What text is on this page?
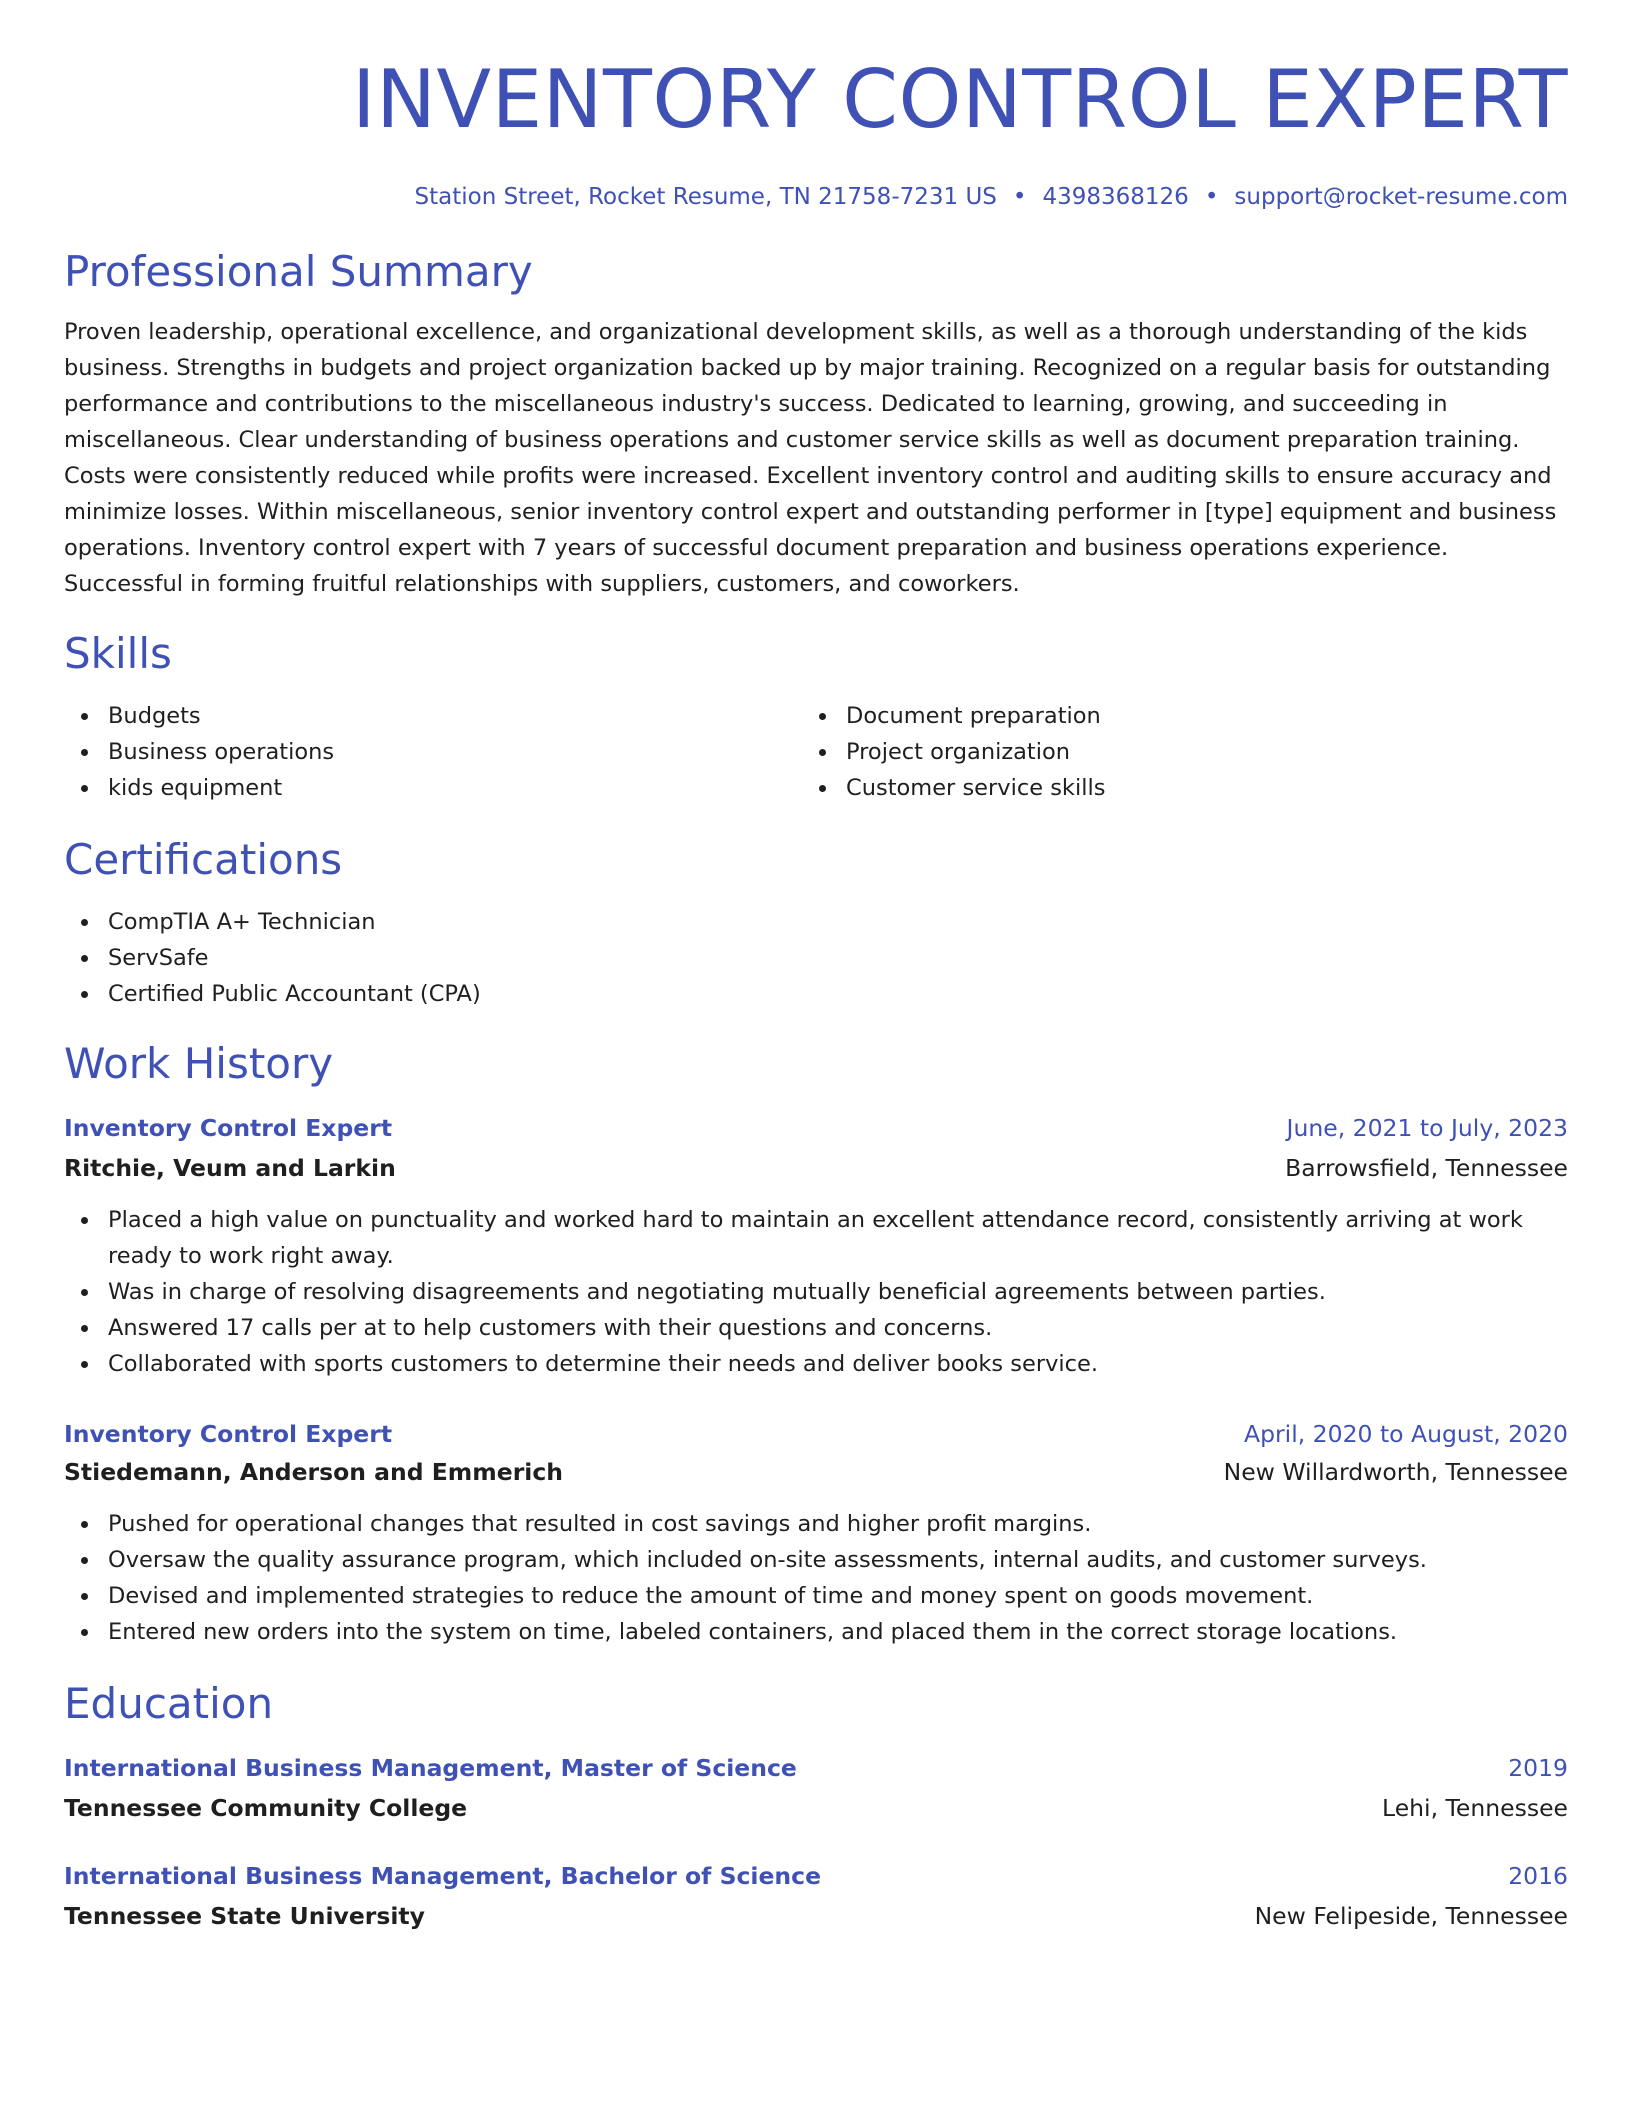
INVENTORY CONTROL EXPERT
Station Street, Rocket Resume, TN 21758-7231 US • 4398368126 • support@rocket-resume.com
Professional Summary

Proven leadership, operational excellence, and organizational development skills, as well as a thorough understanding of the kids business. Strengths in budgets and project organization backed up by major training. Recognized on a regular basis for outstanding performance and contributions to the miscellaneous industry's success. Dedicated to learning, growing, and succeeding in miscellaneous. Clear understanding of business operations and customer service skills as well as document preparation training. Costs were consistently reduced while profits were increased. Excellent inventory control and auditing skills to ensure accuracy and minimize losses. Within miscellaneous, senior inventory control expert and outstanding performer in [type] equipment and business operations. Inventory control expert with 7 years of successful document preparation and business operations experience. Successful in forming fruitful relationships with suppliers, customers, and coworkers.

Skills
Budgets
Business operations
kids equipment
Document preparation
Project organization
Customer service skills
Certifications
CompTIA A+ Technician
ServSafe
Certified Public Accountant (CPA)
Work History
Inventory Control Expert	June, 2021 to July, 2023
Ritchie, Veum and Larkin	Barrowsfield, Tennessee
Placed a high value on punctuality and worked hard to maintain an excellent attendance record, consistently arriving at work ready to work right away.
Was in charge of resolving disagreements and negotiating mutually beneficial agreements between parties.
Answered 17 calls per at to help customers with their questions and concerns.
Collaborated with sports customers to determine their needs and deliver books service.
Inventory Control Expert	April, 2020 to August, 2020
Stiedemann, Anderson and Emmerich	New Willardworth, Tennessee
Pushed for operational changes that resulted in cost savings and higher profit margins.
Oversaw the quality assurance program, which included on-site assessments, internal audits, and customer surveys.
Devised and implemented strategies to reduce the amount of time and money spent on goods movement.
Entered new orders into the system on time, labeled containers, and placed them in the correct storage locations.
Education
International Business Management, Master of Science	2019
Tennessee Community College	Lehi, Tennessee
International Business Management, Bachelor of Science	2016
Tennessee State University	New Felipeside, Tennessee
